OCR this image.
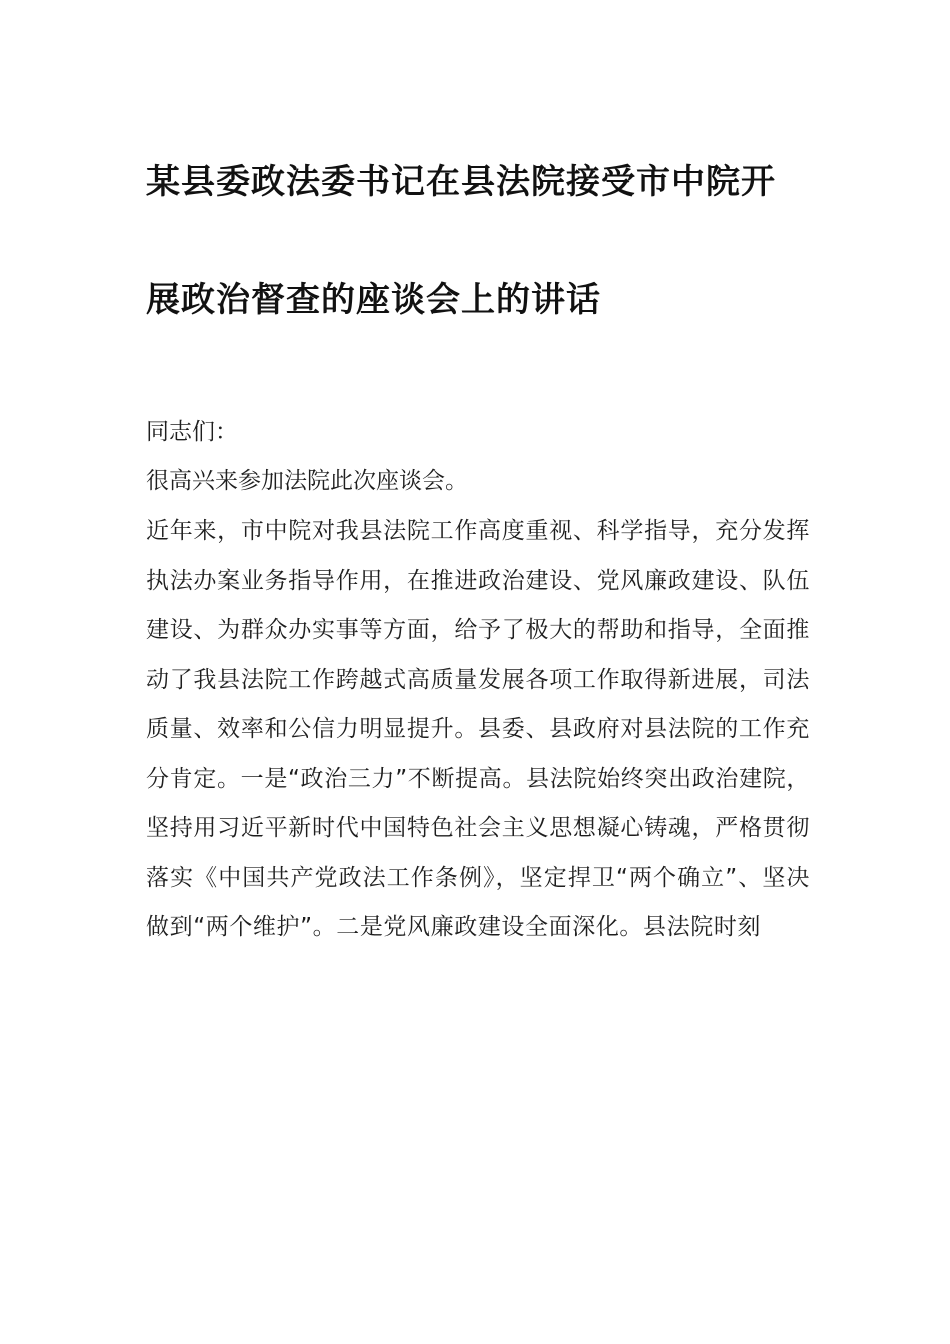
某县委政法委书记在县法院接受市中院开
展政治督查的座谈会上的讲话
同志们：
很高兴来参加法院此次座谈会。
近年来，市中院对我县法院工作高度重视、科学指导，充分发挥执法办案业务指导作用，在推进政治建设、党风廉政建设、队伍建设、为群众办实事等方面，给予了极大的帮助和指导，全面推动了我县法院工作跨越式高质量发展各项工作取得新进展，司法质量、效率和公信力明显提升。县委、县政府对县法院的工作充分肯定。一是“政治三力”不断提高。县法院始终突出政治建院，坚持用习近平新时代中国特色社会主义思想凝心铸魂，严格贯彻落实《中国共产党政法工作条例》，坚定捍卫“两个确立”、坚决做到“两个维护”。二是党风廉政建设全面深化。县法院时刻
